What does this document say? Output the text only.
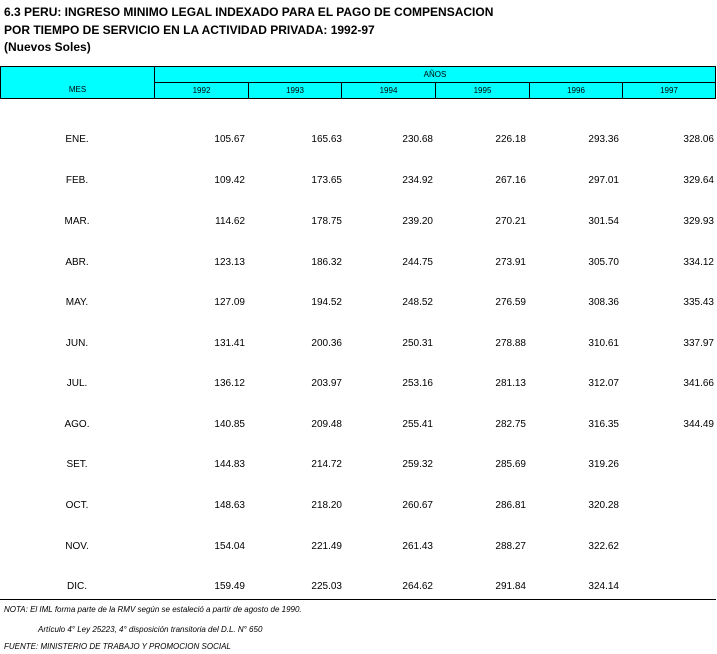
6.3 PERU: INGRESO MINIMO LEGAL INDEXADO PARA EL PAGO DE COMPENSACION
POR TIEMPO DE SERVICIO EN LA ACTIVIDAD PRIVADA: 1992-97
(Nuevos Soles)
MES
AÑOS
1992	1993	1994	1995	1996	1997
ENE.	105.67	165.63	230.68	226.18	293.36	328.06
FEB.	109.42	173.65	234.92	267.16	297.01	329.64
MAR.	114.62	178.75	239.20	270.21	301.54	329.93
ABR.	123.13	186.32	244.75	273.91	305.70	334.12
MAY.	127.09	194.52	248.52	276.59	308.36	335.43
JUN.	131.41	200.36	250.31	278.88	310.61	337.97
JUL.	136.12	203.97	253.16	281.13	312.07	341.66
AGO.	140.85	209.48	255.41	282.75	316.35	344.49
SET.	144.83	214.72	259.32	285.69	319.26
OCT.	148.63	218.20	260.67	286.81	320.28
NOV.	154.04	221.49	261.43	288.27	322.62
DIC.	159.49	225.03	264.62	291.84	324.14
NOTA: El IML forma parte de la RMV según se estaleció a partir de agosto de 1990.
Artículo 4° Ley 25223, 4° disposición transitoria del D.L. N° 650
FUENTE: MINISTERIO DE TRABAJO Y PROMOCION SOCIAL
